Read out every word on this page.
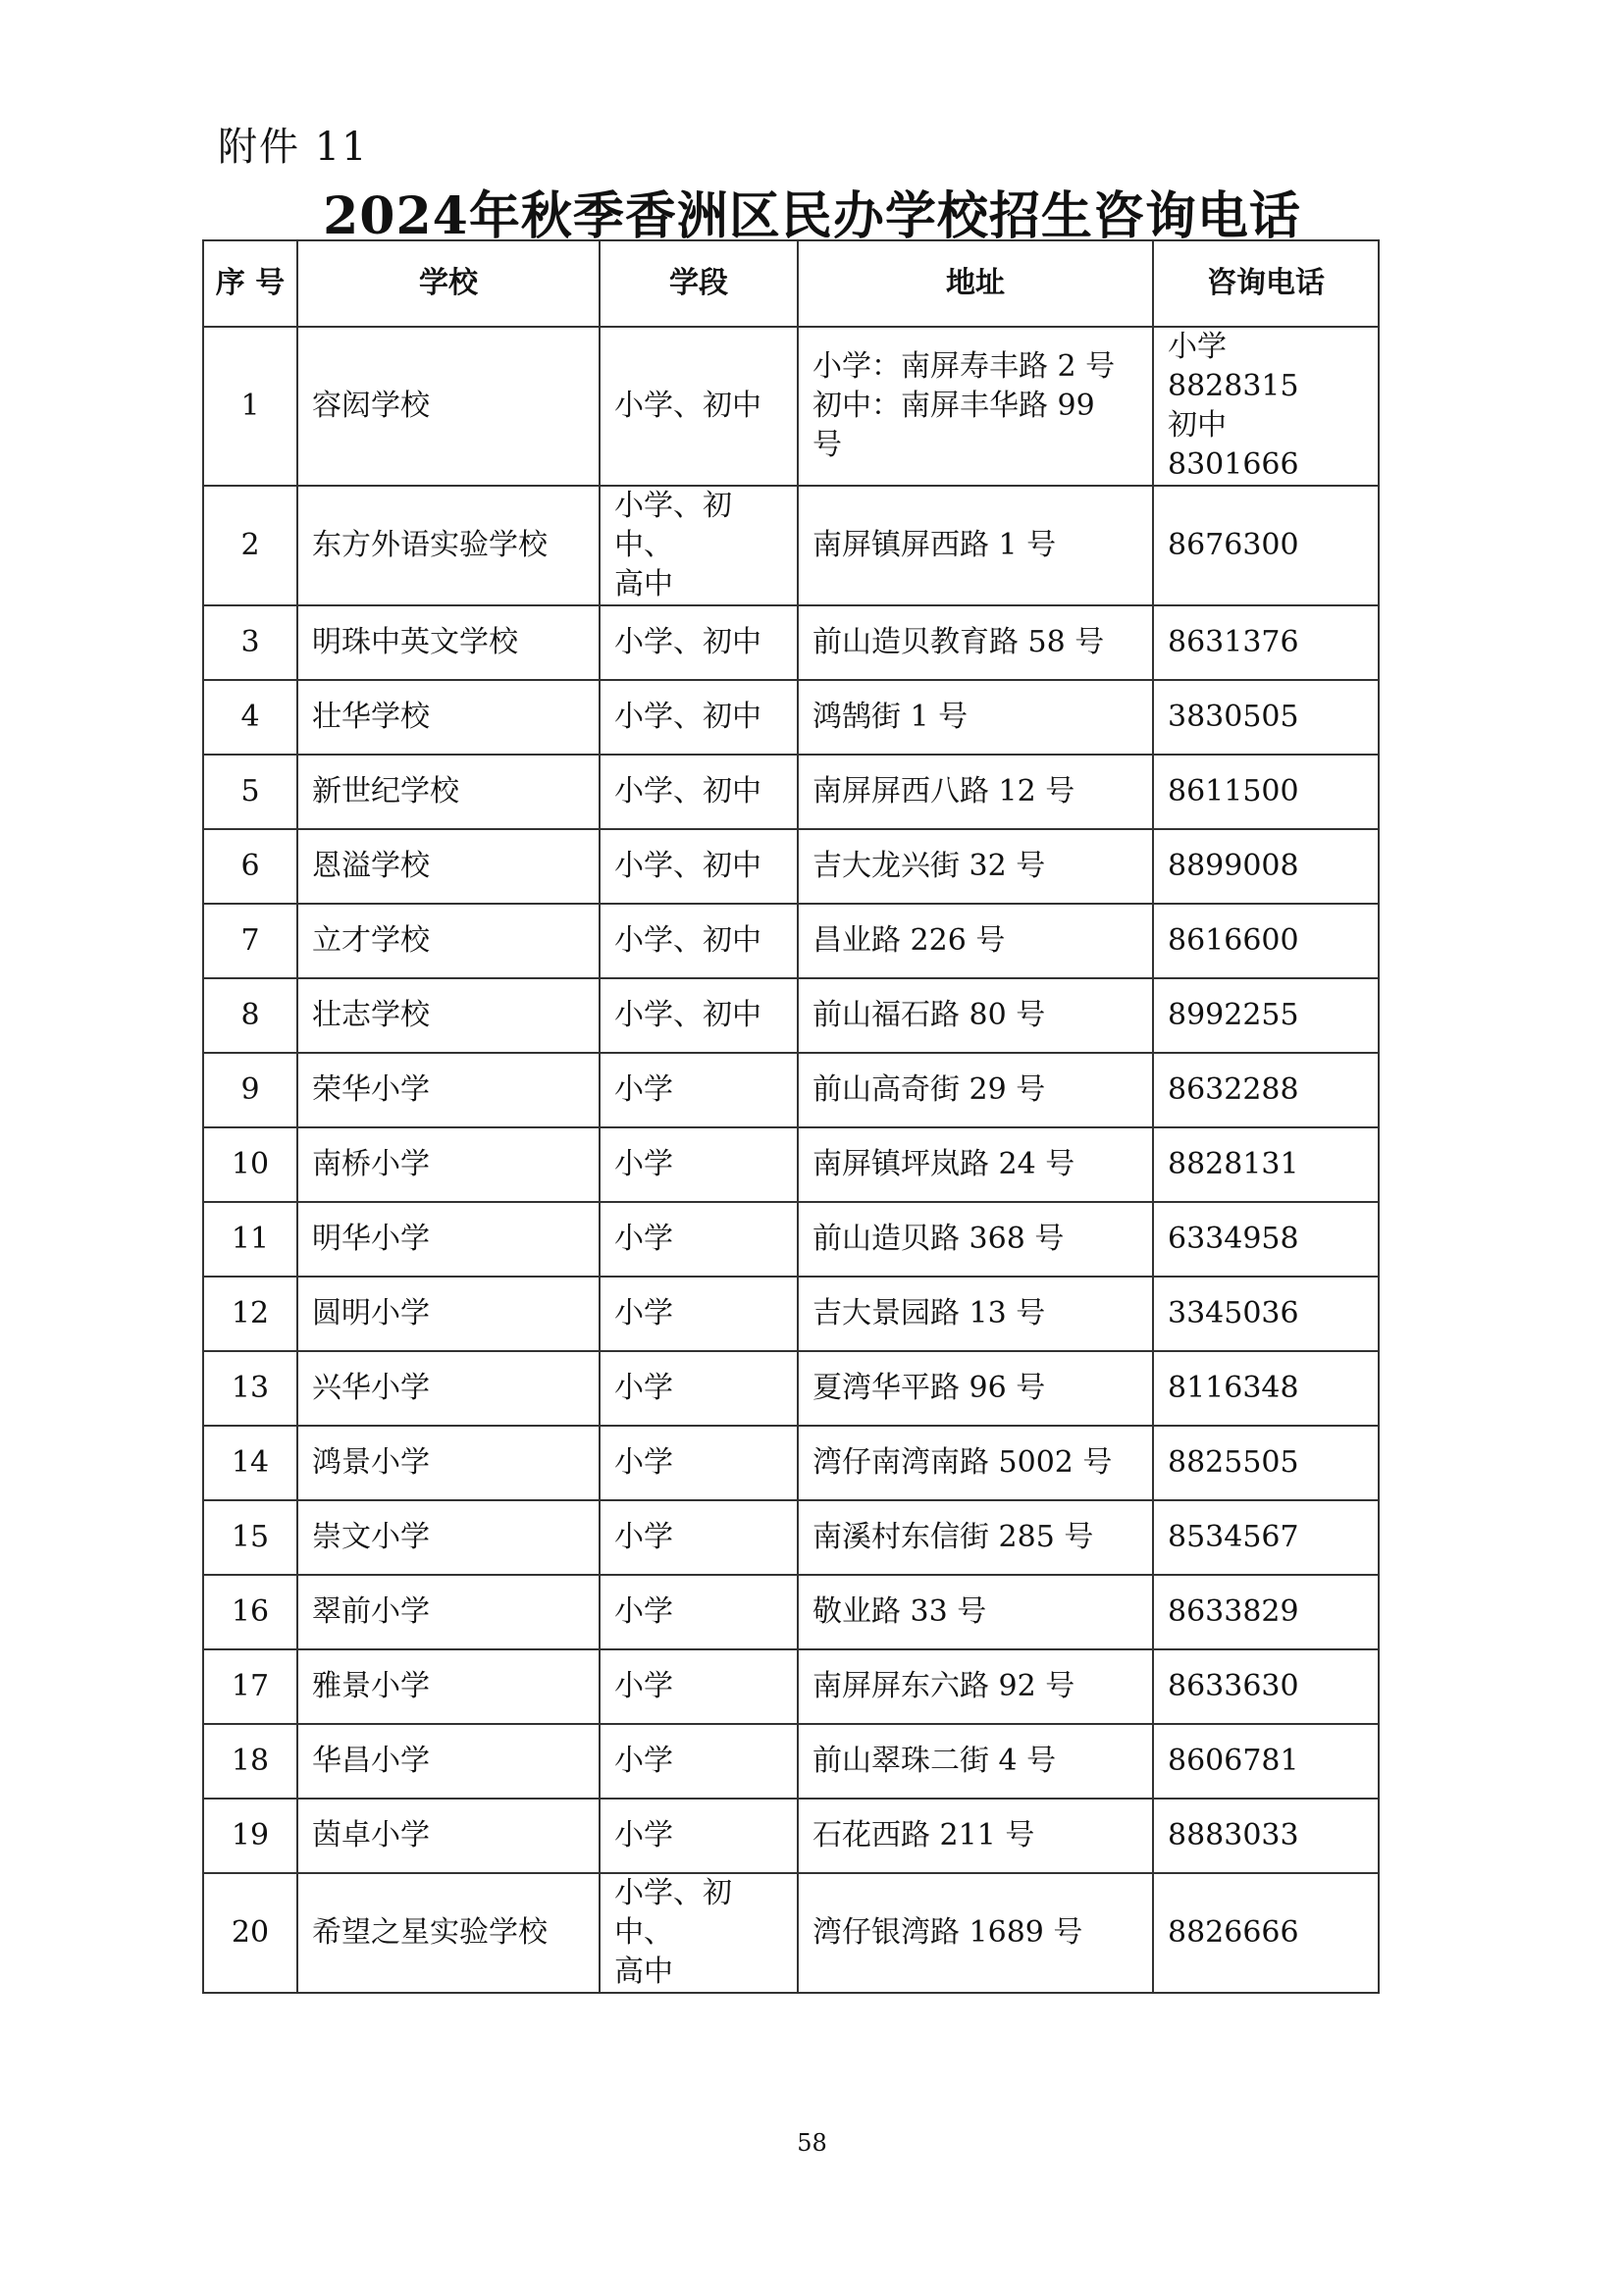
附件 11
2024年秋季香洲区民办学校招生咨询电话
序 号	学校	学段	地址	咨询电话
1	容闳学校	小学、初中	小学：南屏寿丰路 2 号
初中：南屏丰华路 99
号	小学 8828315
初中 8301666

2	东方外语实验学校	小学、初中、
高中	南屏镇屏西路 1 号	8676300
3	明珠中英文学校	小学、初中	前山造贝教育路 58 号	8631376
4	壮华学校	小学、初中	鸿鹄街 1 号	3830505
5	新世纪学校	小学、初中	南屏屏西八路 12 号	8611500
6	恩溢学校	小学、初中	吉大龙兴街 32 号	8899008
7	立才学校	小学、初中	昌业路 226 号	8616600
8	壮志学校	小学、初中	前山福石路 80 号	8992255
9	荣华小学	小学	前山高奇街 29 号	8632288
10	南桥小学	小学	南屏镇坪岚路 24 号	8828131
11	明华小学	小学	前山造贝路 368 号	6334958
12	圆明小学	小学	吉大景园路 13 号	3345036
13	兴华小学	小学	夏湾华平路 96 号	8116348
14	鸿景小学	小学	湾仔南湾南路 5002 号	8825505
15	崇文小学	小学	南溪村东信街 285 号	8534567
16	翠前小学	小学	敬业路 33 号	8633829
17	雅景小学	小学	南屏屏东六路 92 号	8633630
18	华昌小学	小学	前山翠珠二街 4 号	8606781
19	茵卓小学	小学	石花西路 211 号	8883033
20	希望之星实验学校	小学、初中、
高中	湾仔银湾路 1689 号	8826666
58
